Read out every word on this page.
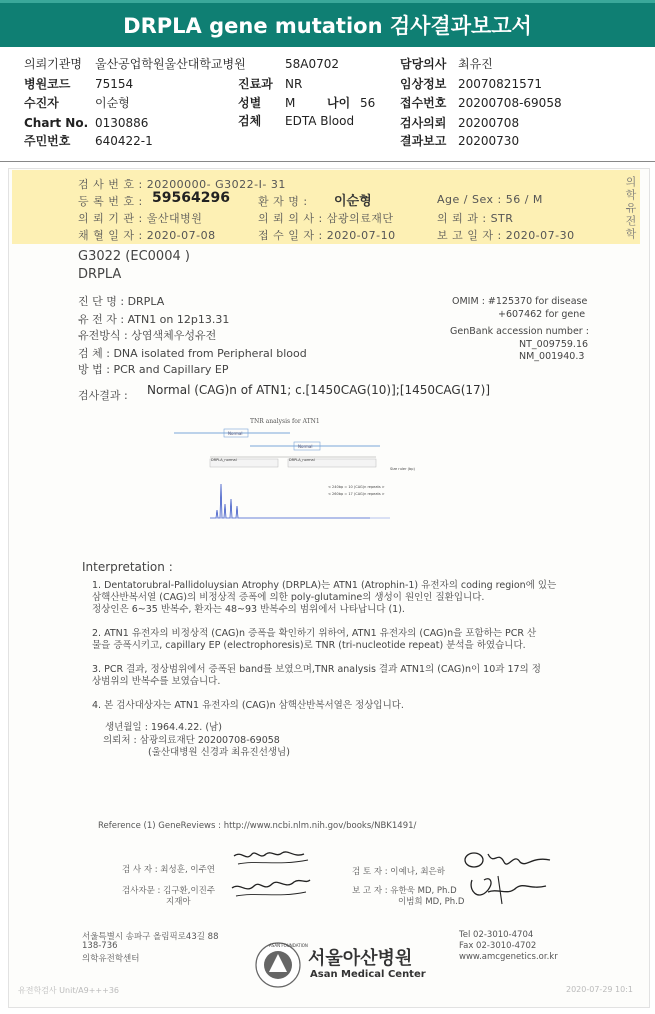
DRPLA gene mutation 검사결과보고서
의뢰기관명 울산공업학원울산대학교병원	58A0702	담당의사 최유진
병원코드 75154	진료과 NR	임상정보 20070821571
수진자	이순형	성별 M	나이 56 접수번호 20200708-69058
Chart No. 0130886	검체 EDTA Blood	검사의뢰 20200708
주민번호 640422-1	결과보고 20200730
검 사 번 호 : 20200000- G3022-I- 31
등 록 번 호 : 59564296	환 자 명 : 이순형	Age / Sex : 56 / M
의 뢰 기 관 : 울산대병원	의 뢰 의 사 : 삼광의료재단	의 뢰 과 : STR
채 혈 일 자 : 2020-07-08	접 수 일 자 : 2020-07-10	보 고 일 자 : 2020-07-30	의학유전학
G3022 (EC0004 )
DRPLA
진 단 명 : DRPLA
유 전 자 : ATN1 on 12p13.31
유전방식 : 상염색체우성유전
검 체 : DNA isolated from Peripheral blood
방 법 : PCR and Capillary EP
OMIM : #125370 for disease
+607462 for gene
GenBank accession number :
NT_009759.16
NM_001940.3
검사결과 : Normal (CAG)n of ATN1; c.[1450CAG(10)];[1450CAG(17)]
TNR analysis for ATN1
Normal
Normal
DRPLA_normal	DRPLA_normal
Size ruler (bp)
< 240bp = 10 (CAG)n repeats >
< 260bp = 17 (CAG)n repeats >
Interpretation :
1. Dentatorubral-Pallidoluysian Atrophy (DRPLA)는 ATN1 (Atrophin-1) 유전자의 coding region에 있는
삼핵산반복서열 (CAG)의 비정상적 증폭에 의한 poly-glutamine의 생성이 원인인 질환입니다.
정상인은 6~35 반복수, 환자는 48~93 반복수의 범위에서 나타납니다 (1).
2. ATN1 유전자의 비정상적 (CAG)n 증폭을 확인하기 위하여, ATN1 유전자의 (CAG)n을 포함하는 PCR 산
물을 증폭시키고, capillary EP (electrophoresis)로 TNR (tri-nucleotide repeat) 분석을 하였습니다.
3. PCR 결과, 정상범위에서 증폭된 band를 보였으며,TNR analysis 결과 ATN1의 (CAG)n이 10과 17의 정
상범위의 반복수를 보였습니다.
4. 본 검사대상자는 ATN1 유전자의 (CAG)n 삼핵산반복서열은 정상입니다.
생년월일 : 1964.4.22. (남)
의뢰처 : 삼광의료재단 20200708-69058
(울산대병원 신경과 최유진선생님)
Reference (1) GeneReviews : http://www.ncbi.nlm.nih.gov/books/NBK1491/
검 사 자 : 최성훈, 이주연
검사자문 : 김구환,이진주
지재아
검 토 자 : 이예나, 최은하
보 고 자 : 유한욱 MD, Ph.D
이범희 MD, Ph.D
서울특별시 송파구 올림픽로43길 88
138-736
의학유전학센터
ASAN FOUNDATION
서울아산병원
Asan Medical Center
Tel 02-3010-4704
Fax 02-3010-4702
www.amcgenetics.or.kr
유전학검사 Unit/A9+++36	2020-07-29 10:1
